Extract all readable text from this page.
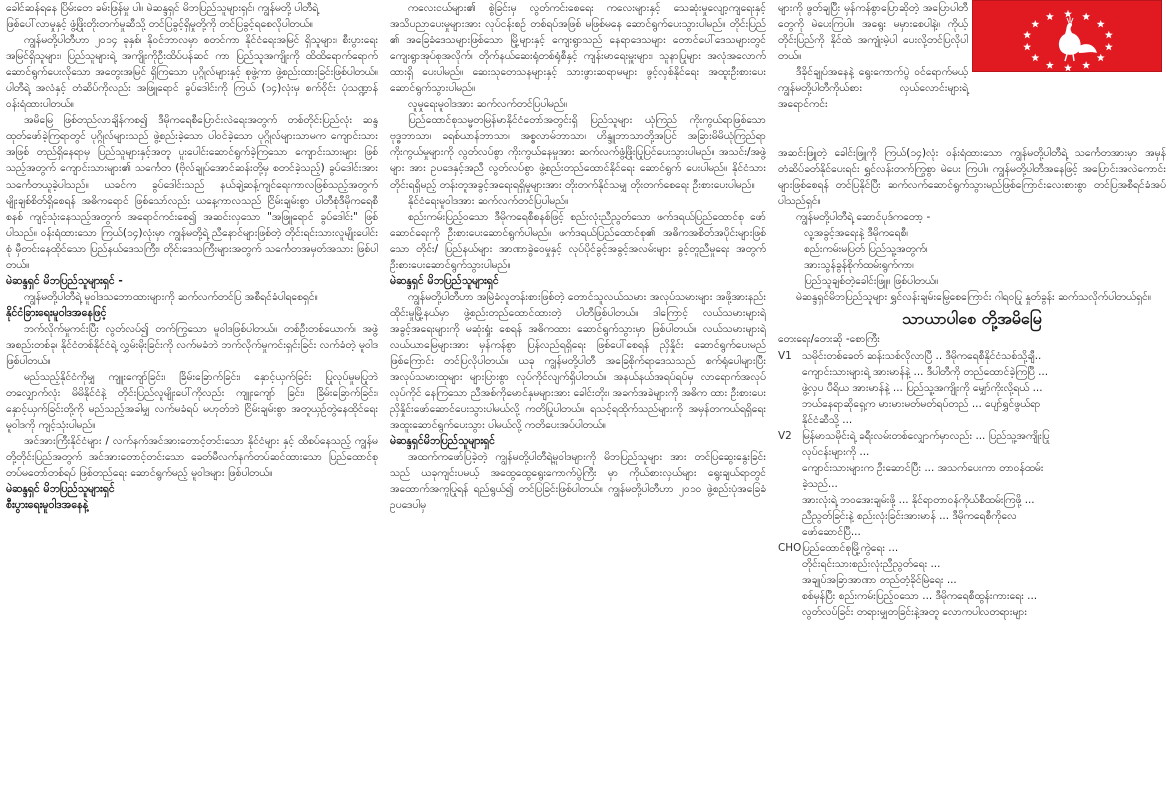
ခေါင်ဆန်ရနေ ပြိမ်းတေ ခမ်းဖြန်မှု ပါ။ မဲဆန္ဒရှင် မိဘပြည်သူများရှင်၊ ကျွန်မတို့ ပါတီရဲ့

ဖြစ်ပေါ်လာမှုနှင့် ဖွံ့ဖြိုးတိုးတက်မှုဆီသို့ တင်ပြခွင့်ရှိမှုတို့ကို တင်ပြခွင့်ရစေလိုပါတယ်။

ကျွန်မတို့ပါတီဟာ ၂၀၁၄ ခုနှစ်၊ နိုဝင်ဘာလမှာ စတင်ကာ နိုင်ငံရေးအမြင် ရှိသူများ၊ စီးပွားရေးအမြင်ရှိသူများ၊ ပြည်သူများရဲ့ အကျိုးကိုဦးထိပ်ပန်ဆင် ကာ ပြည်သူအကျိုးကို ထိထိရောက်ရောက် ဆောင်ရွက်ပေးလိုသော အတွေးအမြင် ရှိကြသော ပုဂ္ဂိုလ်များနှင့် စုဖွဲ့ကာ ဖွဲ့စည်းထားခြင်းဖြစ်ပါတယ်။ ပါတီရဲ့ အလံနှင့် တံဆိပ်ကိုလည်း အဖြူရောင် ခွပ်ဒေါင်းကို ကြယ် (၁၄)လုံးမှ စက်ဝိုင်း ပုံသဏ္ဍာန် ဝန်းရံထားပါတယ်။

အမိမြေ ဖြစ်တည်လာချိန်ကစ၍ ဒီမိုကရေစီပြောင်းလဲရေးအတွက် တစ်တိုင်းပြည်လုံး ဆန္ဒထုတ်ဖော်ခဲ့ကြရာတွင် ပုဂ္ဂိုလ်များသည် ဖွဲ့စည်းခဲ့သော ပါဝင်ခဲ့သော ပုဂ္ဂိုလ်များသာမက ကျောင်းသားအဖြစ် တည်ရှိနေရာမှ ပြည်သူများနှင့်အတူ ပူးပေါင်းဆောင်ရွက်ခဲ့ကြသော ကျောင်းသားများ ဖြစ်သည့်အတွက် ကျောင်းသားများ၏ သင်္ကေတ (ဗိုလ်ချုပ်အောင်ဆန်းတို့မှ စတင်ခဲ့သည့်) ခွပ်ဒေါင်းအား သင်္ကေတယူခဲ့ပါသည်။ ယခင်က ခွပ်ဒေါင်းသည် နယ်ချဲ့ဆန့်ကျင်ရေးကာလဖြစ်သည့်အတွက် မျိုးချစ်စိတ်ရှိစေရန် အဓိကရောင် ဖြစ်သော်လည်း ယနေ့ကာလသည် ငြိမ်းချမ်းစွာ ပါတီစုံဒီမိုကရေစီစနစ် ကျင့်သုံးနေသည့်အတွက် အရောင်ကင်းစေ၍ အဆင်းလှသော "အဖြူရောင် ခွပ်ဒေါင်း" ဖြစ်ပါသည်။ ဝန်းရံထားသော ကြယ်(၁၄)လုံးမှာ ကျွန်မတို့ရဲ့ ညီနောင်များဖြစ်တဲ့ တိုင်းရင်းသားလူမျိုးပေါင်းစုံ မှီတင်းနေထိုင်သော ပြည်နယ်ဒေသကြီး၊ တိုင်းဒေသကြီးများအတွက် သင်္ကေတအမှတ်အသား ဖြစ်ပါတယ်။

မဲဆန္ဒရှင် မိဘပြည်သူများရှင် -

ကျွန်မတို့ပါတီရဲ့ မူဝါဒသဘောထားများကို ဆက်လက်တင်ပြ အစီရင်ခံပါရစေရှင်။

နိုင်ငံခြားရေးမူဝါဒအနေဖြင့်

ဘက်လိုက်မှုကင်းပြီး လွတ်လပ်၍ တက်ကြွသော မူဝါဒဖြစ်ပါတယ်။ တစ်ဦးတစ်ယောက်၊ အဖွဲ့အစည်းတစ်ခု၊ နိုင်ငံတစ်နိုင်ငံရဲ့ လွှမ်းမိုးခြင်းကို လက်မခံဘဲ ဘက်လိုက်မှုကင်းရှင်းခြင်း လက်ခံတဲ့ မူဝါဒဖြစ်ပါတယ်။

မည်သည့်နိုင်ငံကိုမျှ ကျူးကျော်ခြင်း၊ ခြိမ်းခြောက်ခြင်း၊ နှောင့်ယှက်ခြင်း ပြုလုပ်မှုမပြုဘဲ တလျှောက်လုံး မိမိနိုင်ငံနဲ့ တိုင်းပြည်လူမျိုးပေါ်ကိုလည်း ကျူးကျော် ခြင်း၊ ခြိမ်းခြောက်ခြင်း၊ နှောင့်ယှက်ခြင်းတို့ကို မည်သည့်အခါမျှ လက်မခံရပ် မဟုတ်ဘဲ ငြိမ်းချမ်းစွာ အတူယှဉ်တွဲနေထိုင်ရေး မူဝါဒကို ကျင့်သုံးပါမည်။

အင်အားကြီးနိုင်ငံများ / လက်နက်အင်အားတောင့်တင်းသော နိုင်ငံများ နှင့် ထိစပ်နေသည့် ကျွန်မတို့တိုင်းပြည်အတွက် အင်အားတောင့်တင်းသော ခေတ်မီလက်နက်တပ်ဆင်ထားသော ပြည်ထောင်စုတပ်မတော်တစ်ရပ် ဖြစ်တည်ရေး ဆောင်ရွက်မည့် မူဝါဒများ ဖြစ်ပါတယ်။

မဲဆန္ဒရှင် မိဘပြည်သူများရှင်
စီးပွားရေးမူဝါဒအနေနဲ့

ကလေးငယ်များ၏ စွဲခြင်းမှ လွတ်ကင်းစေရေး ကလေးများနှင့် သေဆုံးမှုလျော့ကျရေးနှင့် အသိပညာပေးမှုများအား လုပ်ငန်းစဉ် တစ်ရပ်အဖြစ် မဖြစ်မနေ ဆောင်ရွက်ပေးသွားပါမည်။ တိုင်းပြည် ၏ အခြေခံဒေသများဖြစ်သော မြို့များနှင့် ကျေးရွာသည် နေရာဒေသများ တောင်ပေါ်ဒေသများတွင် ကျေးရွာအုပ်စုအလိုက်၊ တိုက်နယ်ဆေးရုံတစ်ရုံစီနှင့် ကျန်းမာရေးမှူးများ၊ သူနာပြုများ အလုံအလောက် ထားရှိ ပေးပါမည်။ ဆေးသုတေသနများနှင့် သားဖွားဆရာမများ ဖွင့်လှစ်နိုင်ရေး အထူးဦးစားပေး ဆောင်ရွက်သွားပါမည်။

လူမှုရေးမူဝါဒအား ဆက်လက်တင်ပြပါမည်။

ပြည်ထောင်စုသမ္မတမြန်မာနိုင်ငံတော်အတွင်းရှိ ပြည်သူများ ယုံကြည် ကိုးကွယ်ရာဖြစ်သော ဗုဒ္ဓဘာသာ၊ ခရစ်ယာန်ဘာသာ၊ အစ္စလာမ်ဘာသာ၊ ဟိန္ဒူဘာသာတို့အပြင် အခြားမိမိယုံကြည်ရာကိုးကွယ်မှုများကို လွတ်လပ်စွာ ကိုးကွယ်နေမှုအား ဆက်လက်ဖွံ့ဖြိုးပြုပြင်ပေးသွားပါမည်။ အသင်း/အဖွဲ့များ အား ဥပဒေနှင့်အညီ လွတ်လပ်စွာ ဖွဲ့စည်းတည်ထောင်နိုင်ရေး ဆောင်ရွက် ပေးပါမည်။ နိုင်ငံသားတိုင်းရရှိမည့် တန်းတူအခွင့်အရေးရရှိမှုများအား တိုးတက်နိုင်သမျှ တိုးတက်စေရေး ဦးစားပေးပါမည်။

နိုင်ငံရေးမူဝါဒအား ဆက်လက်တင်ပြပါမည်။

စည်းကမ်းပြည့်ဝသော ဒီမိုကရေစီစနစ်ဖြင့် စည်းလုံးညီညွတ်သော ဖက်ဒရယ်ပြည်ထောင်စု ဖော်ဆောင်ရေးကို ဦးစားပေးဆောင်ရွက်ပါမည်။ ဖက်ဒရယ်ပြည်ထောင်စု၏ အဓိကအစိတ်အပိုင်းများဖြစ်သော တိုင်း/ ပြည်နယ်များ အာဏာခွဲဝေမှုနှင့် လုပ်ပိုင်ခွင့်အခွင့်အလမ်းများ ခွင့်တူညီမှုရေး အတွက် ဦးစားပေးဆောင်ရွက်သွားပါမည်။

မဲဆန္ဒရှင် မိဘပြည်သူများရှင်

ကျွန်မတို့ပါတီဟာ အမြဲခံလူတန်းစားဖြစ်တဲ့ တောင်သူလယ်သမား အလုပ်သမားများ အဖို့အားနည်းထိုင်းမှုမြို့နယ်မှာ ဖွဲ့စည်းတည်ထောင်ထားတဲ့ ပါတီဖြစ်ပါတယ်။ ဒါကြောင့် လယ်သမားများရဲ့ အခွင့်အရေးများကို မဆုံးရှုံး စေရန် အဓိကထား ဆောင်ရွက်သွားမှာ ဖြစ်ပါတယ်။ လယ်သမားများရဲ့ လယ်ယာမြေများအား မှန်ကန်စွာ ပြန်လည်ရရှိရေး ဖြစ်ပေါ်စေရန် ညှိနှိုင်း ဆောင်ရွက်ပေးမည်ဖြစ်ကြောင်း တင်ပြလိုပါတယ်။ ယခု ကျွန်မတို့ပါတီ အခြေစိုက်ရာဒေသသည် စက်ရုံပေါများပြီး အလုပ်သမားထုများ များပြားစွာ လုပ်ကိုင်လျက်ရှိပါတယ်။ အနယ်နယ်အရပ်ရပ်မှ လာရောက်အလုပ်လုပ်ကိုင် နေကြသော ညီအစ်ကိုမောင်နှမများအား ခေါင်းတိုး၊ အခက်အခဲများကို အဓိက ထား ဦးစားပေး ညှိနှိုင်းဖော်ဆောင်ပေးသွားပါမယ်လို့ ကတိပြုပါတယ်။ ရသင့်ရထိုက်သည်များကို အမှန်တကယ်ရရှိရေး အထူးဆောင်ရွက်ပေးသွား ပါမယ်လို့ ကတိပေးအပ်ပါတယ်။

မဲဆန္ဒရှင်မိဘပြည်သူများရှင်

အထက်ကဖော်ပြခဲ့တဲ့ ကျွန်မတို့ပါတီရဲ့မူဝါဒများကို မိဘပြည်သူများ အား တင်ပြဆွေးနွေးခြင်းသည် ယခုကျင်းပမယ့် အထွေထွေရွေးကောက်ပွဲကြီး မှာ ကိုယ်စားလှယ်များ ရွေးချယ်ရာတွင် အထောက်အကူပြုရန် ရည်ရွယ်၍ တင်ပြခြင်းဖြစ်ပါတယ်။ ကျွန်မတို့ပါတီဟာ ၂၀၁၀ ဖွဲ့စည်းပုံအခြေခံဥပဒေပါမှ

များကို ဖွတ်ချပြီး မှန်ကန်စွာပြောဆိုတဲ့ အပြောပါတီတွေကို မဲပေးကြပါ။ အရွေး မမှားစေပါနဲ့။ ကိုယ့်တိုင်းပြည်ကို နိုင်ထဲ အကျုံးမဲ့ပါ ပေးလို့တင်ပြလိုပါတယ်။

ဒီခိုင်ချုပ်အနေနဲ့ ရွေးကောက်ပွဲ ဝင်ရောက်မယ့် ကျွန်မတို့ပါတီကိုယ်စား လှယ်လောင်းများရဲ့ အရောင်ကင်း

အဆင်းဖြူတဲ့ ခေါင်းဖြူကို ကြယ်(၁၄)လုံး ဝန်းရံထားသော ကျွန်မတို့ပါတီရဲ့ သင်္ကေတအားမှာ အမှန်တံဆိပ်ခတ်နိုင်ပေးရင်း ရွှင်လန်းတက်ကြွစွာ မဲပေး ကြပါ။ ကျွန်မတို့ပါတီအနေဖြင့် အပြောင်းအလဲကောင်းများဖြစ်စေရန် တင်ပြနိုင်ပြီး ဆက်လက်ဆောင်ရွက်သွားမည်ဖြစ်ကြောင်းလေးစားစွာ တင်ပြအစီရင်ခံအပ်ပါသည်ရှင်။

ကျွန်မတို့ပါတီရဲ့ ဆောင်ပုဒ်ကတော့ -
လူ့အခွင့်အရေးနဲ့ ဒီမိုကရေစီ၊
စည်းကမ်းမပြတ် ပြည်သူ့အတွက်၊
အားသွန်ခွန်စိုက်ထမ်းရွက်ကာ၊
ပြည်သူချစ်တဲ့ခေါင်းဖြူ။ ဖြစ်ပါတယ်။

မဲဆန္ဒရှင်မိဘပြည်သူများ ရွှင်လန်းချမ်းမြေ့စေကြောင်း ဂါရဝပြု နှုတ်ခွန်း ဆက်သလိုက်ပါတယ်ရှင်။

သာယာပါစေ တို့အမိမြေ
တေးရေး/တေးဆို -စောကြီး
V1 သမိုင်းတစ်ခေတ် ဆန်းသစ်လိုလာပြီ .. ဒီမိုကရေစီနိုင်ငံသစ်သို့ချီ..
ကျောင်းသားများရဲ့ အားမာန်နဲ့ ... ဒီပါတီကို တည်ထောင်ခဲ့ကြပြီ ...
ဖွဲ့လှပ ပီရိယ အားမာန်နဲ့ ... ပြည်သူ့အကျိုးကို မျှော်ကိုးလို့ရယ် ...
ဘယ်နေရာဆိုရှေ့က မားမားမတ်မတ်ရပ်တည် ... ပျော်ရွှင်ဖွယ်ရာ
နိုင်ငံဆီသို့ ...
V2 မြန်မာသမိုင်းရဲ့ ခရီးလမ်းတစ်လျှောက်မှာလည်း ... ပြည်သူ့အကျိုးပြု
လုပ်ငန်းများကို ...
ကျောင်းသားများက ဦးဆောင်ပြီး ... အသက်ပေးကာ တာဝန်ထမ်း
ခဲ့သည်...
အားလုံးရဲ့ ဘဝအေးချမ်းဖို့ ... နိုင်ရာတာဝန်ကိုယ်စီထမ်းကြဖို့ ...
ညီညွတ်ခြင်းနဲ့ စည်းလုံးခြင်းအားမာန် ... ဒီမိုကရေစီကိုလေ
ဖော်ဆောင်ပြီ...
CHO ပြည်ထောင်စုမြို့ကွဲရေး ...
တိုင်းရင်းသားစည်းလုံးညီညွတ်ရေး ...
အချုပ်အခြာအာဏာ တည်တံ့ခိုင်မြဲရေး ...
စစ်မှန်ပြီး စည်းကမ်းပြည့်ဝသော ... ဒီမိုကရေစီထွန်းကားရေး ...
လွတ်လပ်ခြင်း တရားမျှတခြင်းနဲ့အတူ လောကပါလတရားများ
